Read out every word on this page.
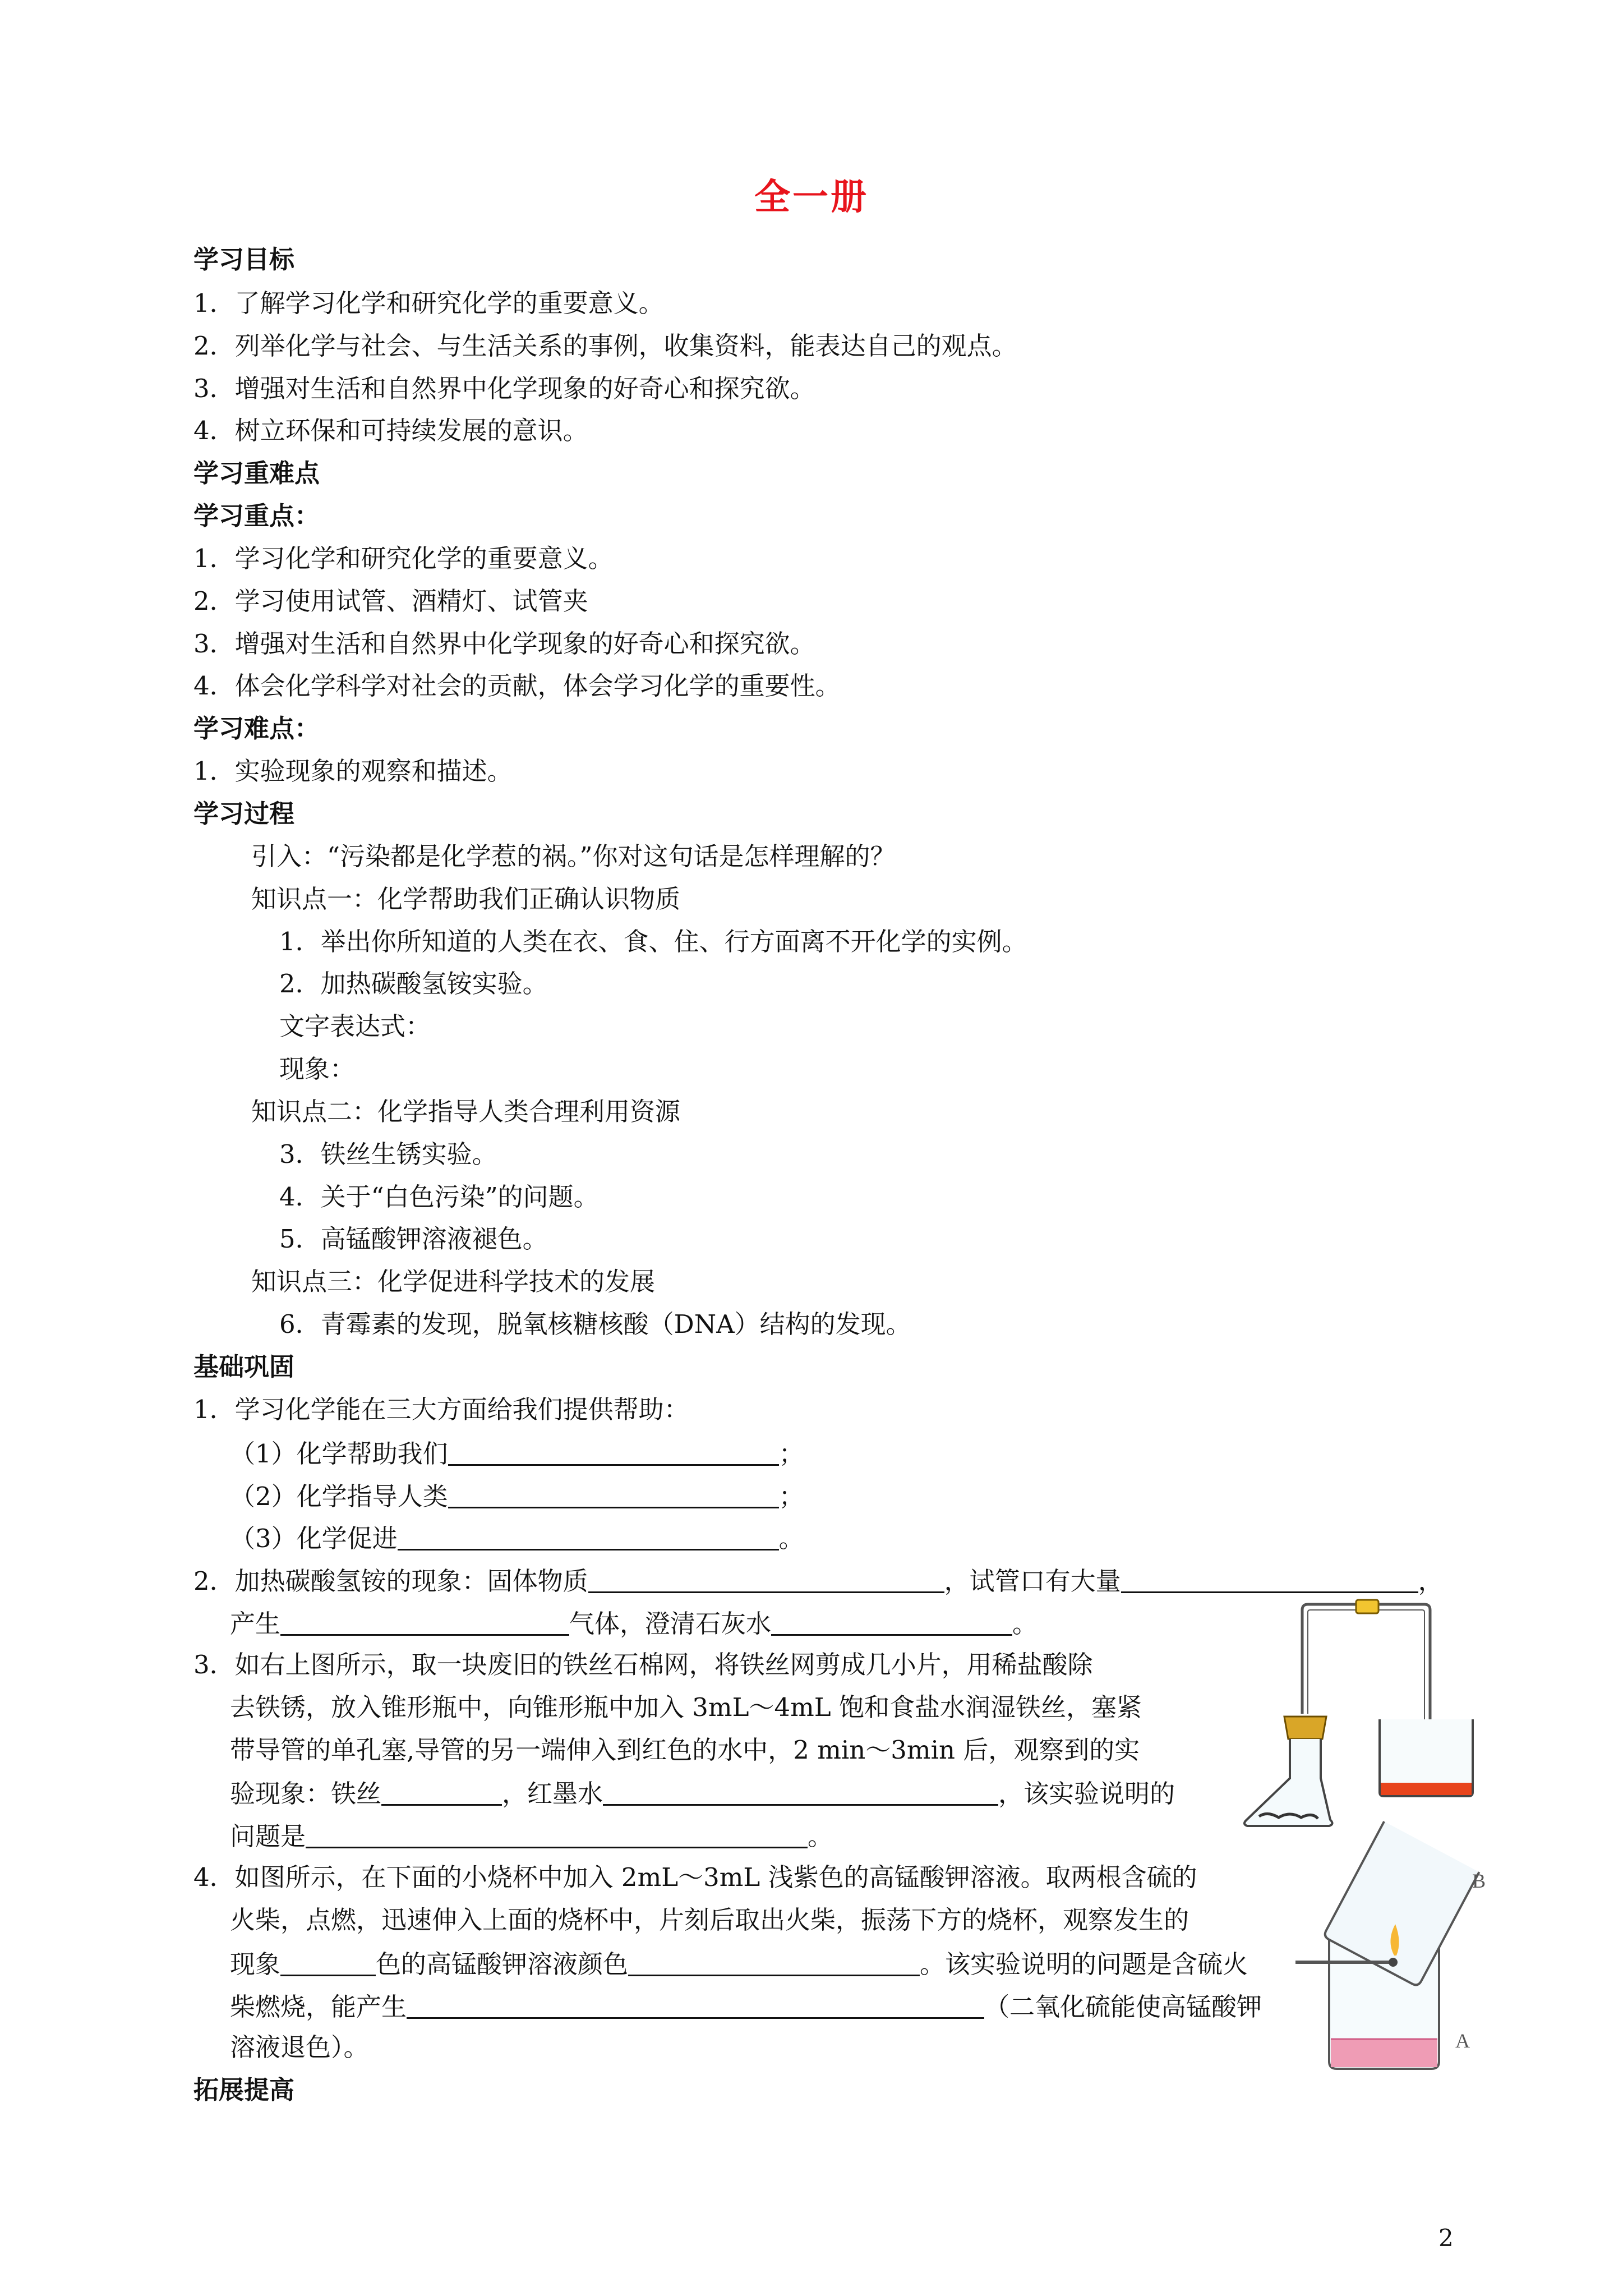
全一册
学习目标
1．了解学习化学和研究化学的重要意义。
2．列举化学与社会、与生活关系的事例，收集资料，能表达自己的观点。
3．增强对生活和自然界中化学现象的好奇心和探究欲。
4．树立环保和可持续发展的意识。
学习重难点
学习重点：
1．学习化学和研究化学的重要意义。
2．学习使用试管、酒精灯、试管夹
3．增强对生活和自然界中化学现象的好奇心和探究欲。
4．体会化学科学对社会的贡献，体会学习化学的重要性。
学习难点：
1．实验现象的观察和描述。
学习过程
引入：“污染都是化学惹的祸。”你对这句话是怎样理解的？
知识点一：化学帮助我们正确认识物质
1．举出你所知道的人类在衣、食、住、行方面离不开化学的实例。
2．加热碳酸氢铵实验。
文字表达式：
现象：
知识点二：化学指导人类合理利用资源
3．铁丝生锈实验。
4．关于“白色污染”的问题。
5．高锰酸钾溶液褪色。
知识点三：化学促进科学技术的发展
6．青霉素的发现，脱氧核糖核酸（DNA）结构的发现。
基础巩固
1．学习化学能在三大方面给我们提供帮助：
（1）化学帮助我们	；
（2）化学指导人类	；
（3）化学促进	。
2．加热碳酸氢铵的现象：固体物质	，试管口有大量	，
产生	气体，澄清石灰水	。
3．如右上图所示，取一块废旧的铁丝石棉网，将铁丝网剪成几小片，用稀盐酸除
去铁锈，放入锥形瓶中，向锥形瓶中加入 3mL～4mL 饱和食盐水润湿铁丝，塞紧
带导管的单孔塞,导管的另一端伸入到红色的水中，2 min～3min 后，观察到的实
验现象：铁丝	，红墨水	，该实验说明的
问题是	。
4．如图所示，在下面的小烧杯中加入 2mL～3mL 浅紫色的高锰酸钾溶液。取两根含硫的
火柴，点燃，迅速伸入上面的烧杯中，片刻后取出火柴，振荡下方的烧杯，观察发生的
现象	色的高锰酸钾溶液颜色	。该实验说明的问题是含硫火
柴燃烧，能产生	（二氧化硫能使高锰酸钾
溶液退色）。
拓展提高
B
A
2
